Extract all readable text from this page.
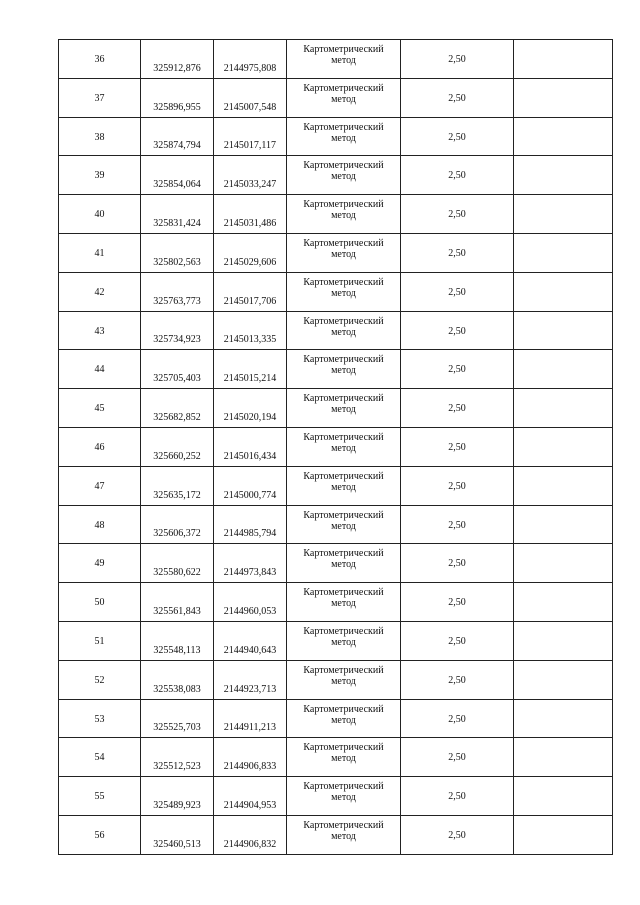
36	325912,876	2144975,808	Картометрический
метод	2,50	
37	325896,955	2145007,548	Картометрический
метод	2,50	
38	325874,794	2145017,117	Картометрический
метод	2,50	
39	325854,064	2145033,247	Картометрический
метод	2,50	
40	325831,424	2145031,486	Картометрический
метод	2,50	
41	325802,563	2145029,606	Картометрический
метод	2,50	
42	325763,773	2145017,706	Картометрический
метод	2,50	
43	325734,923	2145013,335	Картометрический
метод	2,50	
44	325705,403	2145015,214	Картометрический
метод	2,50	
45	325682,852	2145020,194	Картометрический
метод	2,50	
46	325660,252	2145016,434	Картометрический
метод	2,50	
47	325635,172	2145000,774	Картометрический
метод	2,50	
48	325606,372	2144985,794	Картометрический
метод	2,50	
49	325580,622	2144973,843	Картометрический
метод	2,50	
50	325561,843	2144960,053	Картометрический
метод	2,50	
51	325548,113	2144940,643	Картометрический
метод	2,50	
52	325538,083	2144923,713	Картометрический
метод	2,50	
53	325525,703	2144911,213	Картометрический
метод	2,50	
54	325512,523	2144906,833	Картометрический
метод	2,50	
55	325489,923	2144904,953	Картометрический
метод	2,50	
56	325460,513	2144906,832	Картометрический
метод	2,50	
